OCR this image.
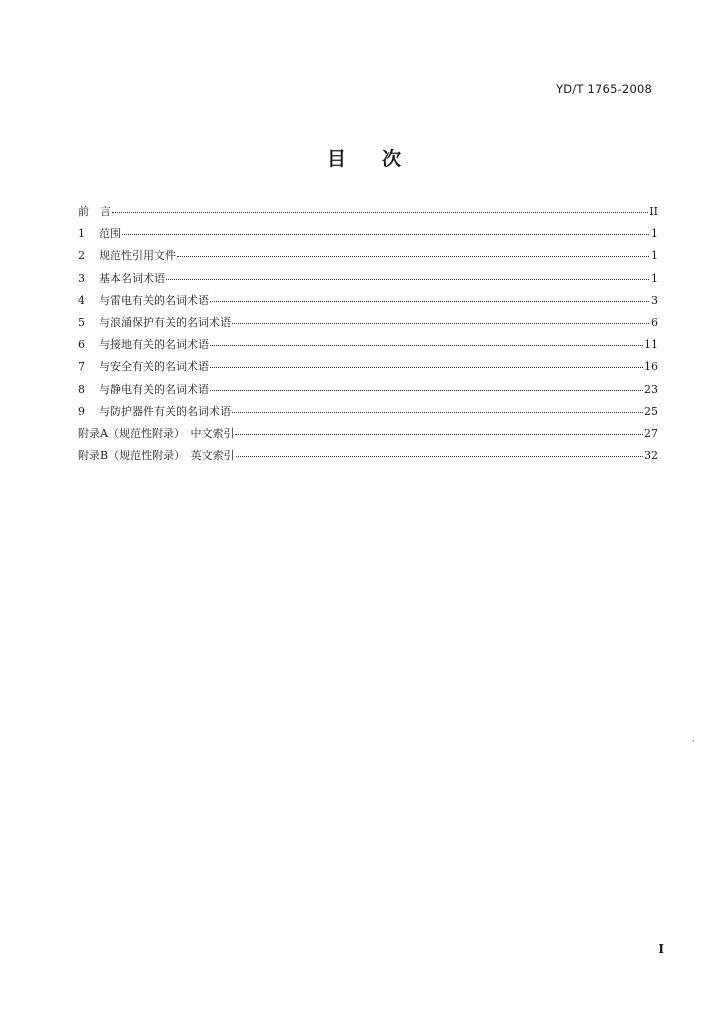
YD/T 1765-2008
目 次
前　言	II
1	范围	1
2	规范性引用文件	1
3	基本名词术语	1
4	与雷电有关的名词术语	3
5	与浪涌保护有关的名词术语	6
6	与接地有关的名词术语	11
7	与安全有关的名词术语	16
8	与静电有关的名词术语	23
9	与防护器件有关的名词术语	25
附录A（规范性附录）　中文索引	27
附录B（规范性附录）　英文索引	32
I
